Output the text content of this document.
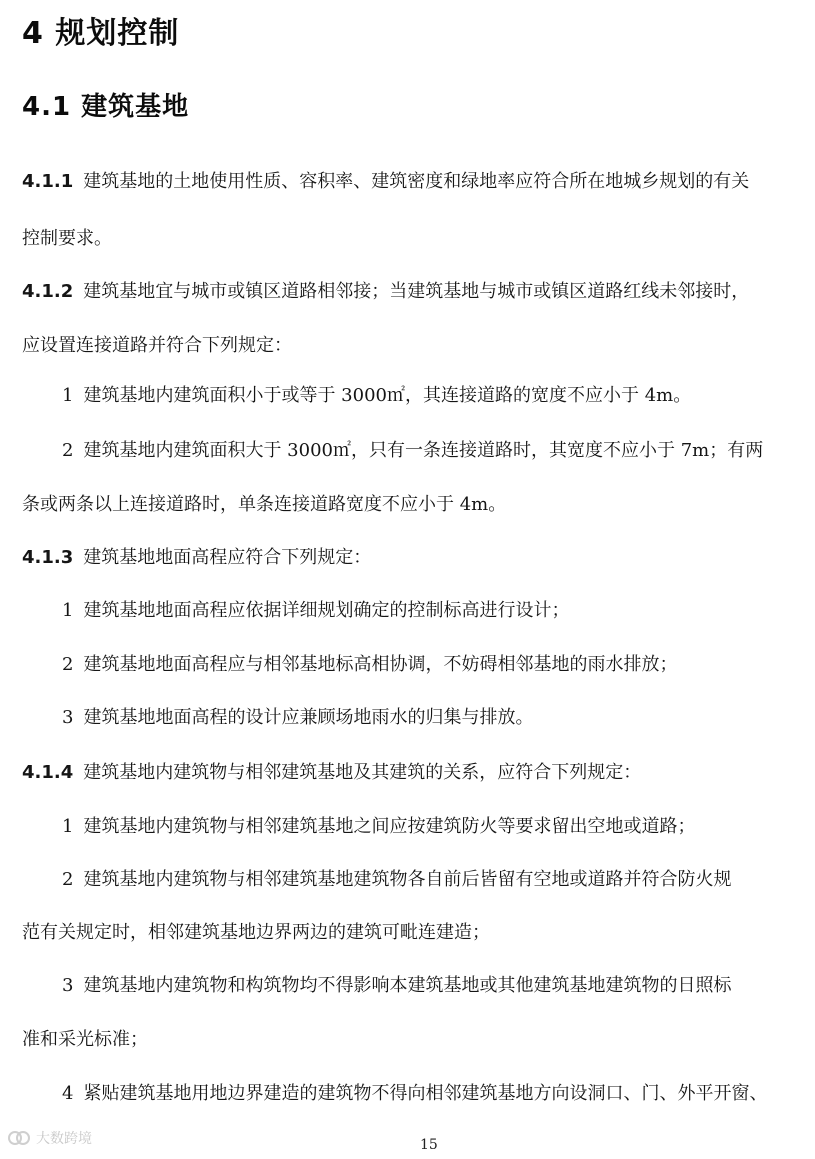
4 规划控制
4.1 建筑基地
4.1.1 建筑基地的土地使用性质、容积率、建筑密度和绿地率应符合所在地城乡规划的有关
控制要求。
4.1.2 建筑基地宜与城市或镇区道路相邻接；当建筑基地与城市或镇区道路红线未邻接时，
应设置连接道路并符合下列规定：
1 建筑基地内建筑面积小于或等于 3000㎡，其连接道路的宽度不应小于 4m。
2 建筑基地内建筑面积大于 3000㎡，只有一条连接道路时，其宽度不应小于 7m；有两
条或两条以上连接道路时，单条连接道路宽度不应小于 4m。
4.1.3 建筑基地地面高程应符合下列规定：
1 建筑基地地面高程应依据详细规划确定的控制标高进行设计；
2 建筑基地地面高程应与相邻基地标高相协调，不妨碍相邻基地的雨水排放；
3 建筑基地地面高程的设计应兼顾场地雨水的归集与排放。
4.1.4 建筑基地内建筑物与相邻建筑基地及其建筑的关系，应符合下列规定：
1 建筑基地内建筑物与相邻建筑基地之间应按建筑防火等要求留出空地或道路；
2 建筑基地内建筑物与相邻建筑基地建筑物各自前后皆留有空地或道路并符合防火规
范有关规定时，相邻建筑基地边界两边的建筑可毗连建造；
3 建筑基地内建筑物和构筑物均不得影响本建筑基地或其他建筑基地建筑物的日照标
准和采光标准；
4 紧贴建筑基地用地边界建造的建筑物不得向相邻建筑基地方向设洞口、门、外平开窗、
大数跨境	15
